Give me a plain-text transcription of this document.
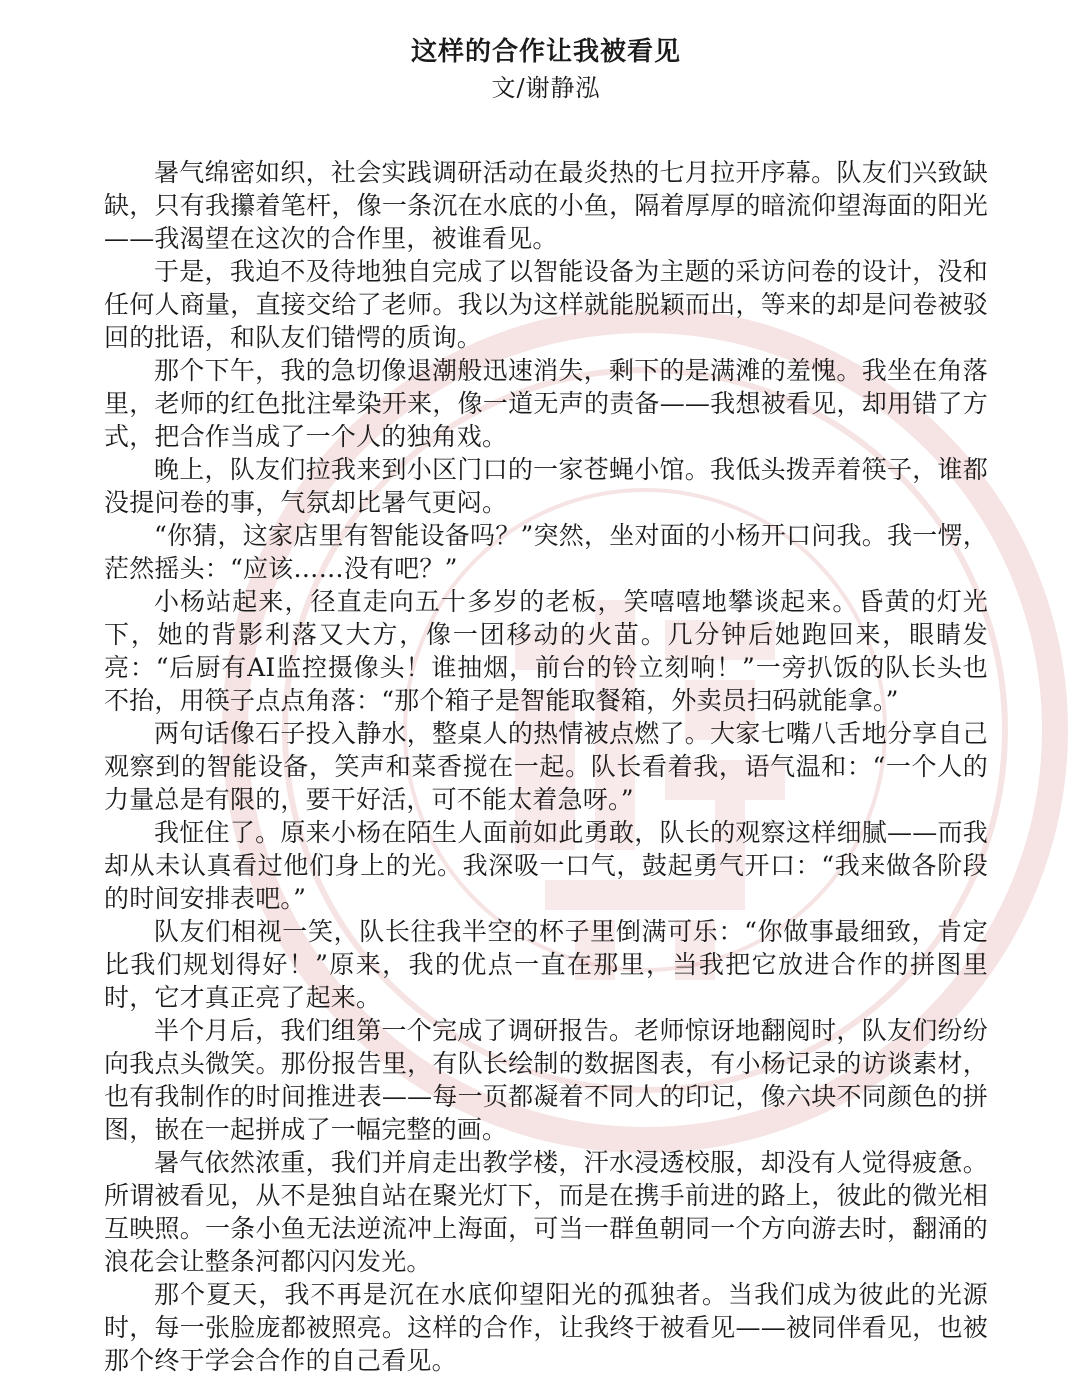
这样的合作让我被看见

文/谢静泓

暑气绵密如织，社会实践调研活动在最炎热的七月拉开序幕。队友们兴致缺缺，只有我攥着笔杆，像一条沉在水底的小鱼，隔着厚厚的暗流仰望海面的阳光——我渴望在这次的合作里，被谁看见。

于是，我迫不及待地独自完成了以智能设备为主题的采访问卷的设计，没和任何人商量，直接交给了老师。我以为这样就能脱颖而出，等来的却是问卷被驳回的批语，和队友们错愕的质询。

那个下午，我的急切像退潮般迅速消失，剩下的是满滩的羞愧。我坐在角落里，老师的红色批注晕染开来，像一道无声的责备——我想被看见，却用错了方式，把合作当成了一个人的独角戏。

晚上，队友们拉我来到小区门口的一家苍蝇小馆。我低头拨弄着筷子，谁都没提问卷的事，气氛却比暑气更闷。

“你猜，这家店里有智能设备吗？”突然，坐对面的小杨开口问我。我一愣，茫然摇头：“应该……没有吧？”

小杨站起来，径直走向五十多岁的老板，笑嘻嘻地攀谈起来。昏黄的灯光下，她的背影利落又大方，像一团移动的火苗。几分钟后她跑回来，眼睛发亮：“后厨有AI监控摄像头！谁抽烟，前台的铃立刻响！”一旁扒饭的队长头也不抬，用筷子点点角落：“那个箱子是智能取餐箱，外卖员扫码就能拿。”

两句话像石子投入静水，整桌人的热情被点燃了。大家七嘴八舌地分享自己观察到的智能设备，笑声和菜香搅在一起。队长看着我，语气温和：“一个人的力量总是有限的，要干好活，可不能太着急呀。”

我怔住了。原来小杨在陌生人面前如此勇敢，队长的观察这样细腻——而我却从未认真看过他们身上的光。我深吸一口气，鼓起勇气开口：“我来做各阶段的时间安排表吧。”

队友们相视一笑，队长往我半空的杯子里倒满可乐：“你做事最细致，肯定比我们规划得好！”原来，我的优点一直在那里，当我把它放进合作的拼图里时，它才真正亮了起来。

半个月后，我们组第一个完成了调研报告。老师惊讶地翻阅时，队友们纷纷向我点头微笑。那份报告里，有队长绘制的数据图表，有小杨记录的访谈素材，也有我制作的时间推进表——每一页都凝着不同人的印记，像六块不同颜色的拼图，嵌在一起拼成了一幅完整的画。

暑气依然浓重，我们并肩走出教学楼，汗水浸透校服，却没有人觉得疲惫。所谓被看见，从不是独自站在聚光灯下，而是在携手前进的路上，彼此的微光相互映照。一条小鱼无法逆流冲上海面，可当一群鱼朝同一个方向游去时，翻涌的浪花会让整条河都闪闪发光。

那个夏天，我不再是沉在水底仰望阳光的孤独者。当我们成为彼此的光源时，每一张脸庞都被照亮。这样的合作，让我终于被看见——被同伴看见，也被那个终于学会合作的自己看见。
